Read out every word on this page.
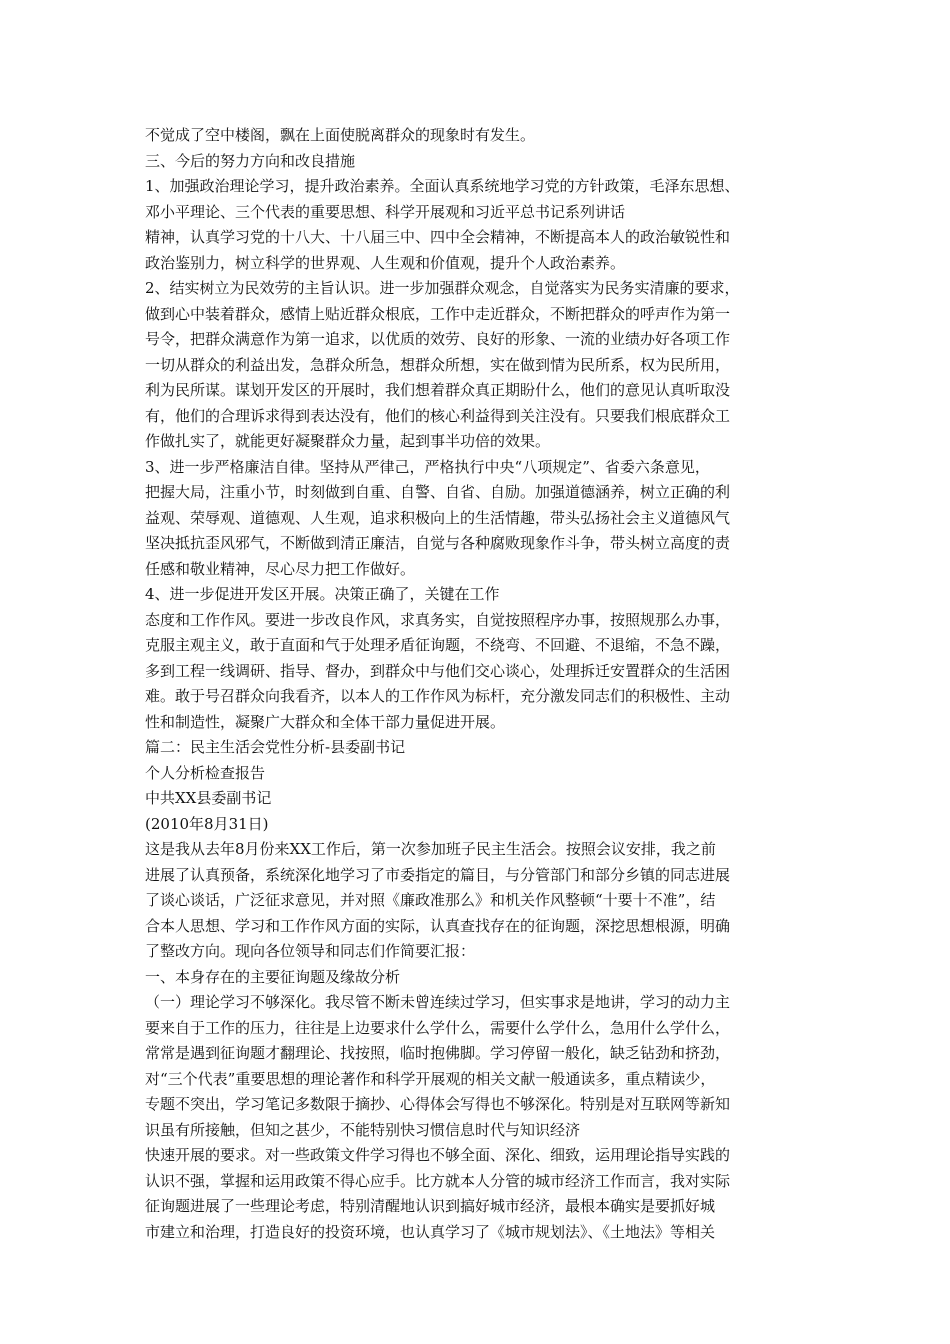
不觉成了空中楼阁，飘在上面使脱离群众的现象时有发生。
三、今后的努力方向和改良措施
1、加强政治理论学习，提升政治素养。全面认真系统地学习党的方针政策，毛泽东思想、
邓小平理论、三个代表的重要思想、科学开展观和习近平总书记系列讲话
精神，认真学习党的十八大、十八届三中、四中全会精神，不断提高本人的政治敏锐性和
政治鉴别力，树立科学的世界观、人生观和价值观，提升个人政治素养。
2、结实树立为民效劳的主旨认识。进一步加强群众观念，自觉落实为民务实清廉的要求，
做到心中装着群众，感情上贴近群众根底，工作中走近群众，不断把群众的呼声作为第一
号令，把群众满意作为第一追求，以优质的效劳、良好的形象、一流的业绩办好各项工作
一切从群众的利益出发，急群众所急，想群众所想，实在做到情为民所系，权为民所用，
利为民所谋。谋划开发区的开展时，我们想着群众真正期盼什么，他们的意见认真听取没
有，他们的合理诉求得到表达没有，他们的核心利益得到关注没有。只要我们根底群众工
作做扎实了，就能更好凝聚群众力量，起到事半功倍的效果。
3、进一步严格廉洁自律。坚持从严律己，严格执行中央“八项规定”、省委六条意见，
把握大局，注重小节，时刻做到自重、自警、自省、自励。加强道德涵养，树立正确的利
益观、荣辱观、道德观、人生观，追求积极向上的生活情趣，带头弘扬社会主义道德风气
坚决抵抗歪风邪气，不断做到清正廉洁，自觉与各种腐败现象作斗争，带头树立高度的责
任感和敬业精神，尽心尽力把工作做好。
4、进一步促进开发区开展。决策正确了，关键在工作
态度和工作作风。要进一步改良作风，求真务实，自觉按照程序办事，按照规那么办事，
克服主观主义，敢于直面和气于处理矛盾征询题，不绕弯、不回避、不退缩，不急不躁，
多到工程一线调研、指导、督办，到群众中与他们交心谈心，处理拆迁安置群众的生活困
难。敢于号召群众向我看齐，以本人的工作作风为标杆，充分激发同志们的积极性、主动
性和制造性，凝聚广大群众和全体干部力量促进开展。
篇二：民主生活会党性分析-县委副书记
个人分析检查报告
中共XX县委副书记
(2010年8月31日)
这是我从去年8月份来XX工作后，第一次参加班子民主生活会。按照会议安排，我之前
进展了认真预备，系统深化地学习了市委指定的篇目，与分管部门和部分乡镇的同志进展
了谈心谈话，广泛征求意见，并对照《廉政准那么》和机关作风整顿“十要十不准”，结
合本人思想、学习和工作作风方面的实际，认真查找存在的征询题，深挖思想根源，明确
了整改方向。现向各位领导和同志们作简要汇报：
一、本身存在的主要征询题及缘故分析
（一）理论学习不够深化。我尽管不断未曾连续过学习，但实事求是地讲，学习的动力主
要来自于工作的压力，往往是上边要求什么学什么，需要什么学什么，急用什么学什么，
常常是遇到征询题才翻理论、找按照，临时抱佛脚。学习停留一般化，缺乏钻劲和挤劲，
对“三个代表”重要思想的理论著作和科学开展观的相关文献一般通读多，重点精读少，
专题不突出，学习笔记多数限于摘抄、心得体会写得也不够深化。特别是对互联网等新知
识虽有所接触，但知之甚少，不能特别快习惯信息时代与知识经济
快速开展的要求。对一些政策文件学习得也不够全面、深化、细致，运用理论指导实践的
认识不强，掌握和运用政策不得心应手。比方就本人分管的城市经济工作而言，我对实际
征询题进展了一些理论考虑，特别清醒地认识到搞好城市经济，最根本确实是要抓好城
市建立和治理，打造良好的投资环境，也认真学习了《城市规划法》、《土地法》等相关
